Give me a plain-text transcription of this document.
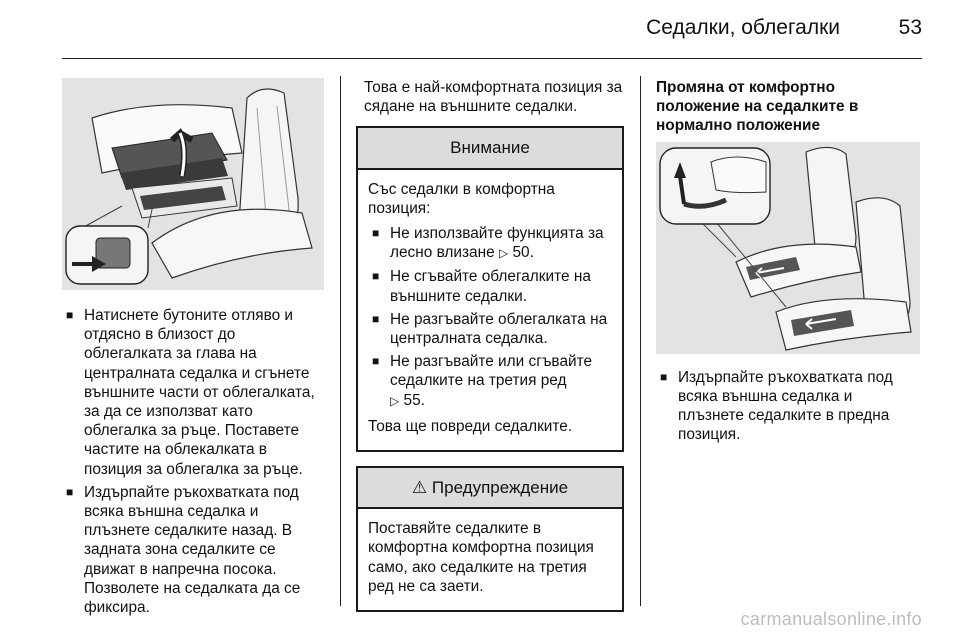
Седалки, облегалки	53
■ Натиснете бутоните отляво и отдясно в близост до облегалката за глава на централната седалка и сгънете външните части от облегалката, за да се използват като облегалка за ръце. Поставете частите на облекалката в позиция за облегалка за ръце.
■ Издърпайте ръкохватката под всяка външна седалка и плъзнете седалките назад. В задната зона седалките се движат в напречна посока. Позволете на седалката да се фиксира.

Това е най-комфортната позиция за сядане на външните седалки.

Внимание

Със седалки в комфортна позиция:

■ Не използвайте функцията за лесно влизане ▷ 50.
■ Не сгъвайте облегалките на външните седалки.
■ Не разгъвайте облегалката на централната седалка.
■ Не разгъвайте или сгъвайте седалките на третия ред
▷ 55.

Това ще повреди седалките.

⚠ Предупреждение

Поставяйте седалките в комфортна комфортна позиция само, ако седалките на третия ред не са заети.

Промяна от комфортно положение на седалките в нормално положение

■ Издърпайте ръкохватката под всяка външна седалка и плъзнете седалките в предна позиция.
carmanualsonline.info
